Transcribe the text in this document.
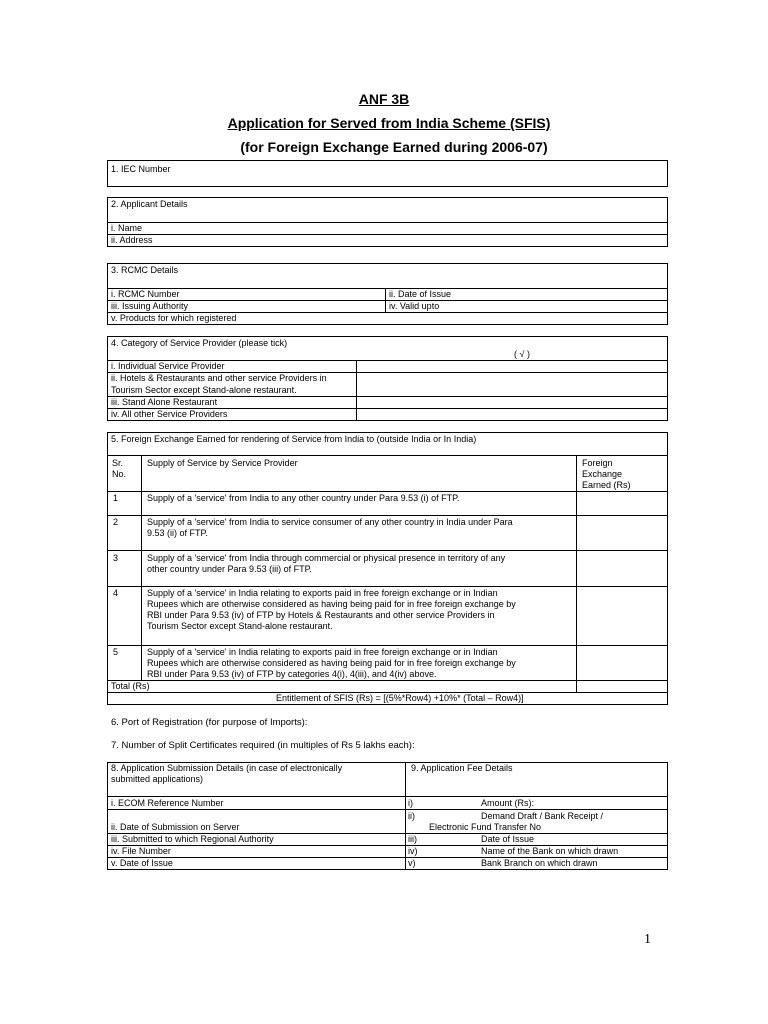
ANF 3B
Application for Served from India Scheme (SFIS)
(for Foreign Exchange Earned during 2006-07)
1. IEC Number
2. Applicant Details
i. Name
ii. Address
3. RCMC Details
i. RCMC Number	ii. Date of Issue
iii. Issuing Authority	iv. Valid upto
v. Products for which registered
4. Category of Service Provider (please tick)
( √ )
i. Individual Service Provider
ii. Hotels & Restaurants and other service Providers in
Tourism Sector except Stand-alone restaurant.
iii. Stand Alone Restaurant
iv. All other Service Providers
5. Foreign Exchange Earned for rendering of Service from India to (outside India or In India)
Sr.
No.
Supply of Service by Service Provider	Foreign
Exchange
Earned (Rs)
1	Supply of a 'service' from India to any other country under Para 9.53 (i) of FTP.
2	Supply of a 'service' from India to service consumer of any other country in India under Para
9.53 (ii) of FTP.
3	Supply of a 'service' from India through commercial or physical presence in territory of any
other country under Para 9.53 (iii) of FTP.
4	Supply of a 'service' in India relating to exports paid in free foreign exchange or in Indian
Rupees which are otherwise considered as having being paid for in free foreign exchange by
RBI under Para 9.53 (iv) of FTP by Hotels & Restaurants and other service Providers in
Tourism Sector except Stand-alone restaurant.
5	Supply of a 'service' in India relating to exports paid in free foreign exchange or in Indian
Rupees which are otherwise considered as having being paid for in free foreign exchange by
RBI under Para 9.53 (iv) of FTP by categories 4(i), 4(iii), and 4(iv) above.
Total (Rs)
Entitlement of SFIS (Rs) = [(5%*Row4) +10%* (Total – Row4)]
6. Port of Registration (for purpose of Imports):
7. Number of Split Certificates required (in multiples of Rs 5 lakhs each):
8. Application Submission Details (in case of electronically
submitted applications)
i. ECOM Reference Number
ii. Date of Submission on Server
iii. Submitted to which Regional Authority
iv. File Number
v. Date of Issue
9. Application Fee Details
i)	Amount (Rs):
ii)	Demand Draft / Bank Receipt /
Electronic Fund Transfer No
iii)	Date of Issue
iv)	Name of the Bank on which drawn
v)	Bank Branch on which drawn
1
